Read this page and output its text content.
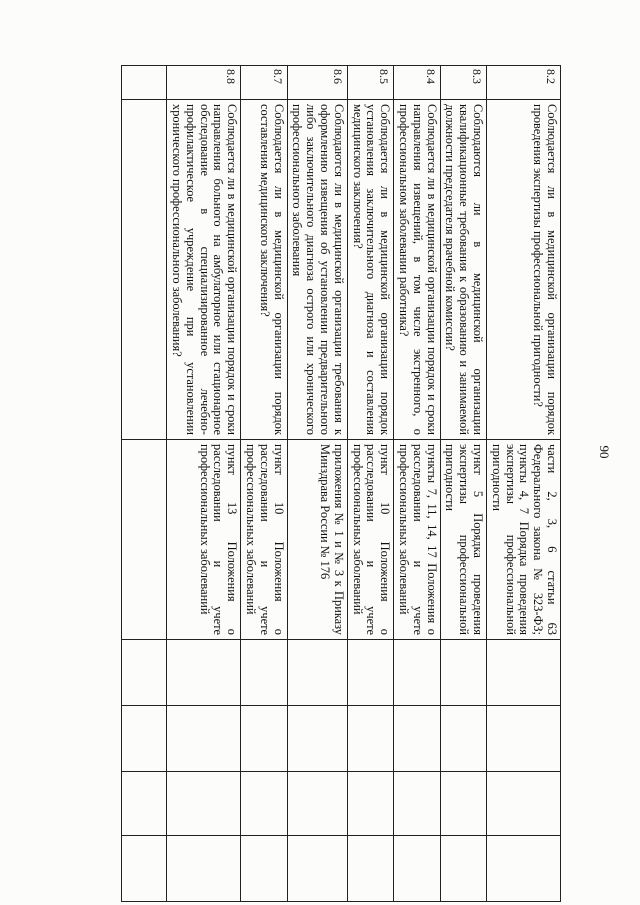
90
8.2	Соблюдается ли в медицинской организации порядок проведения экспертизы профессиональной пригодности?	части 2, 3, 6 статьи 63 Федерального закона № 323-ФЗ; пункты 4, 7 Порядка проведения экспертизы профессиональной пригодности				
8.3	Соблюдаются ли в медицинской организации квалификационные требования к образованию и занимаемой должности председателя врачебной комиссии?	пункт 5 Порядка проведения экспертизы профессиональной пригодности				
8.4	Соблюдается ли в медицинской организации порядок и сроки направления извещений, в том числе экстренного, о профессиональном заболевании работника?	пункты 7, 11, 14, 17 Положения о расследовании и учете профессиональных заболеваний				
8.5	Соблюдается ли в медицинской организации порядок установления заключительного диагноза и составления медицинского заключения?	пункт 10 Положения о расследовании и учете профессиональных заболеваний				
8.6	Соблюдаются ли в медицинской организации требования к оформлению извещения об установлении предварительного либо заключительного диагноза острого или хронического профессионального заболевания	приложения № 1 и № 3 к Приказу Минздрава России № 176				
8.7	Соблюдается ли в медицинской организации порядок составления медицинского заключения?	пункт 10 Положения о расследовании и учете профессиональных заболеваний				
8.8	Соблюдается ли в медицинской организации порядок и сроки направления больного на амбулаторное или стационарное обследование в специализированное лечебно-профилактическое учреждение при установлении хронического профессионального заболевания?	пункт 13 Положения о расследовании и учете профессиональных заболеваний				
